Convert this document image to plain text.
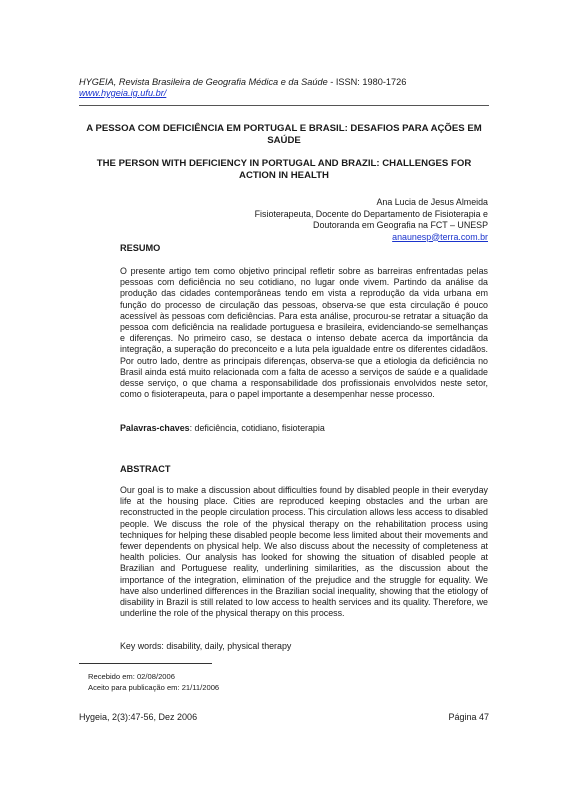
HYGEIA, Revista Brasileira de Geografia Médica e da Saúde - ISSN: 1980-1726
www.hygeia.ig.ufu.br/
A PESSOA COM DEFICIÊNCIA EM PORTUGAL E BRASIL: DESAFIOS PARA AÇÕES EM SAÚDE
THE PERSON WITH DEFICIENCY IN PORTUGAL AND BRAZIL: CHALLENGES FOR ACTION IN HEALTH
Ana Lucia de Jesus Almeida
Fisioterapeuta, Docente do Departamento de Fisioterapia e
Doutoranda em Geografia na FCT – UNESP
anaunesp@terra.com.br
RESUMO
O presente artigo tem como objetivo principal refletir sobre as barreiras enfrentadas pelas pessoas com deficiência no seu cotidiano, no lugar onde vivem. Partindo da análise da produção das cidades contemporâneas tendo em vista a reprodução da vida urbana em função do processo de circulação das pessoas, observa-se que esta circulação é pouco acessível às pessoas com deficiências. Para esta análise, procurou-se retratar a situação da pessoa com deficiência na realidade portuguesa e brasileira, evidenciando-se semelhanças e diferenças. No primeiro caso, se destaca o intenso debate acerca da importância da integração, a superação do preconceito e a luta pela igualdade entre os diferentes cidadãos. Por outro lado, dentre as principais diferenças, observa-se que a etiologia da deficiência no Brasil ainda está muito relacionada com a falta de acesso a serviços de saúde e a qualidade desse serviço, o que chama a responsabilidade dos profissionais envolvidos neste setor, como o fisioterapeuta, para o papel importante a desempenhar nesse processo.
Palavras-chaves: deficiência, cotidiano, fisioterapia
ABSTRACT
Our goal is to make a discussion about difficulties found by disabled people in their everyday life at the housing place. Cities are reproduced keeping obstacles and the urban are reconstructed in the people circulation process. This circulation allows less access to disabled people. We discuss the role of the physical therapy on the rehabilitation process using techniques for helping these disabled people become less limited about their movements and fewer dependents on physical help. We also discuss about the necessity of completeness at health policies. Our analysis has looked for showing the situation of disabled people at Brazilian and Portuguese reality, underlining similarities, as the discussion about the importance of the integration, elimination of the prejudice and the struggle for equality. We have also underlined differences in the Brazilian social inequality, showing that the etiology of disability in Brazil is still related to low access to health services and its quality. Therefore, we underline the role of the physical therapy on this process.
Key words: disability, daily, physical therapy
Recebido em: 02/08/2006
Aceito para publicação em: 21/11/2006
Hygeia, 2(3):47-56, Dez 2006	Página 47
